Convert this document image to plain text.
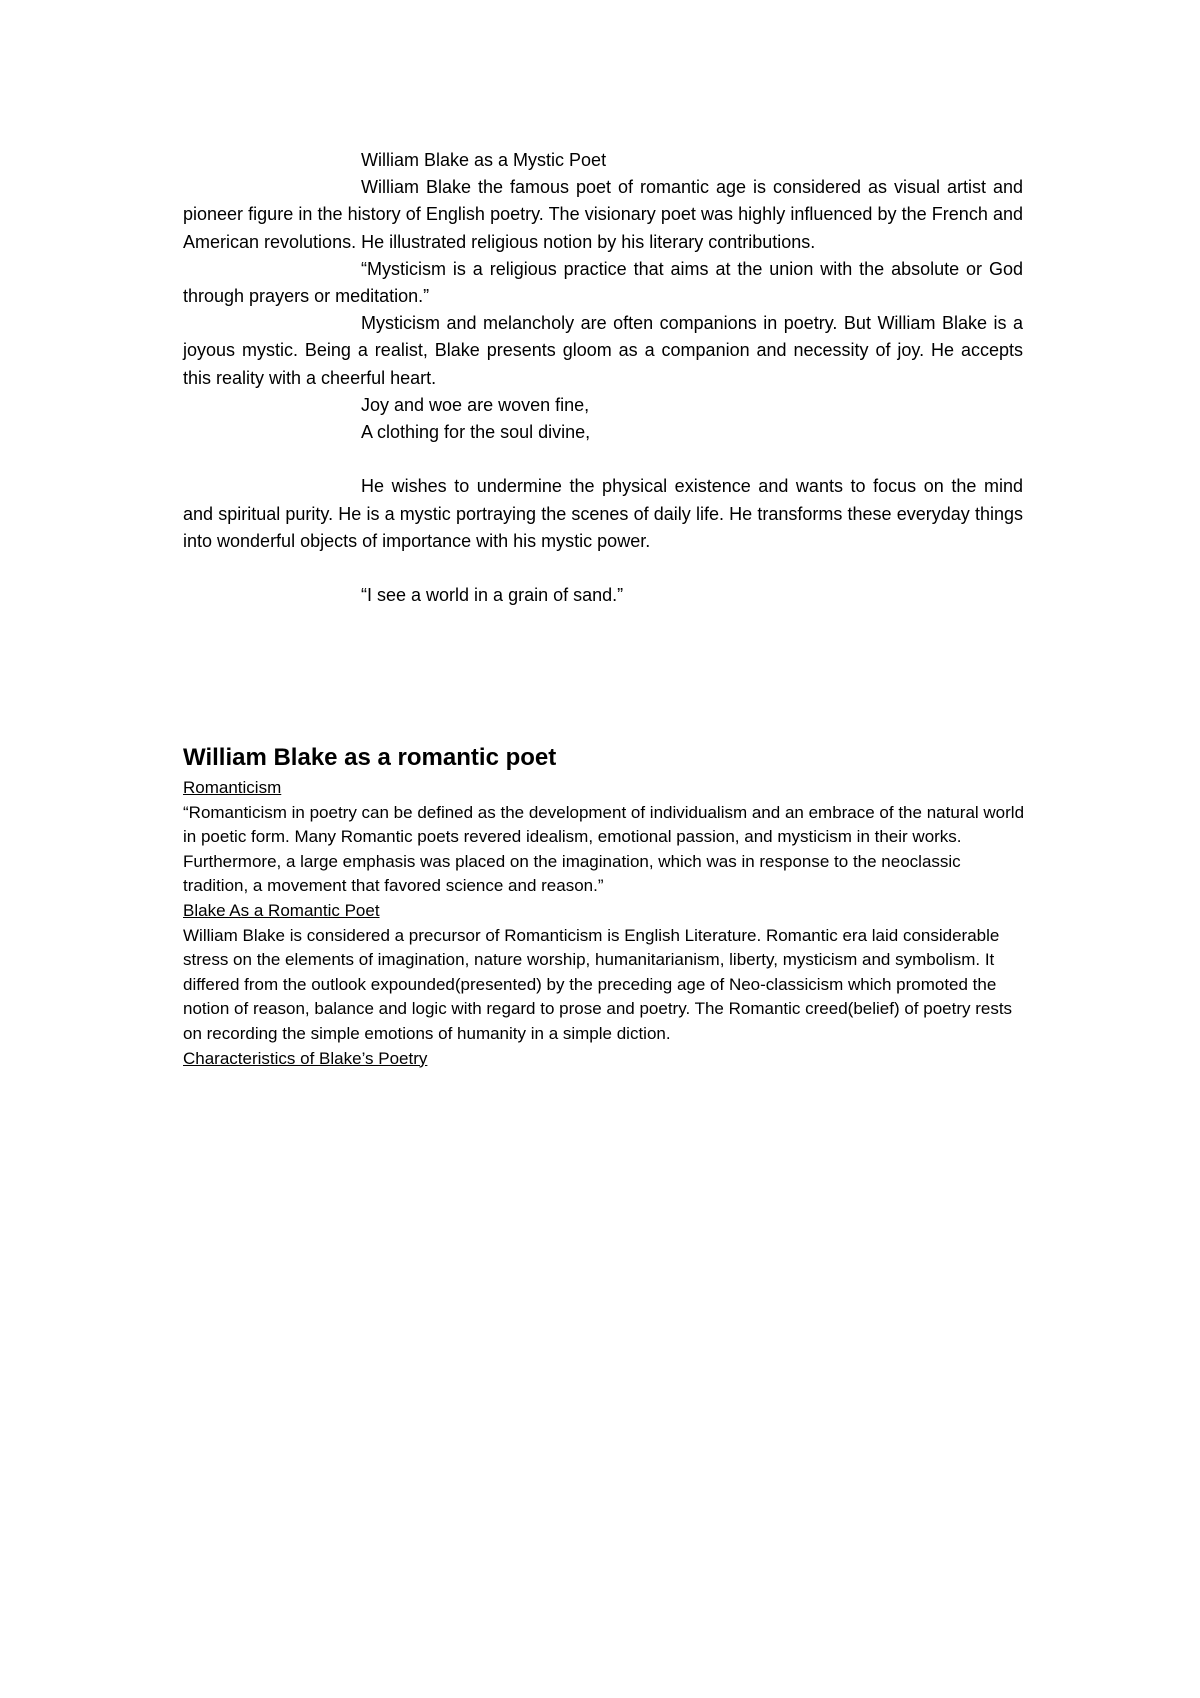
William Blake as a Mystic Poet

William Blake the famous poet of romantic age is considered as visual artist and pioneer figure in the history of English poetry. The visionary poet was highly influenced by the French and American revolutions. He illustrated religious notion by his literary contributions.

“Mysticism is a religious practice that aims at the union with the absolute or God through prayers or meditation.”

Mysticism and melancholy are often companions in poetry. But William Blake is a joyous mystic. Being a realist, Blake presents gloom as a companion and necessity of joy. He accepts this reality with a cheerful heart.

Joy and woe are woven fine,

A clothing for the soul divine,

He wishes to undermine the physical existence and wants to focus on the mind and spiritual purity. He is a mystic portraying the scenes of daily life. He transforms these everyday things into wonderful objects of importance with his mystic power.

“I see a world in a grain of sand.”

William Blake as a romantic poet

Romanticism

“Romanticism in poetry can be defined as the development of individualism and an embrace of the natural world in poetic form. Many Romantic poets revered idealism, emotional passion, and mysticism in their works. Furthermore, a large emphasis was placed on the imagination, which was in response to the neoclassic tradition, a movement that favored science and reason.”

Blake As a Romantic Poet

William Blake is considered a precursor of Romanticism is English Literature. Romantic era laid considerable stress on the elements of imagination, nature worship, humanitarianism, liberty, mysticism and symbolism. It differed from the outlook expounded(presented) by the preceding age of Neo-classicism which promoted the notion of reason, balance and logic with regard to prose and poetry. The Romantic creed(belief) of poetry rests on recording the simple emotions of humanity in a simple diction.

Characteristics of Blake’s Poetry
